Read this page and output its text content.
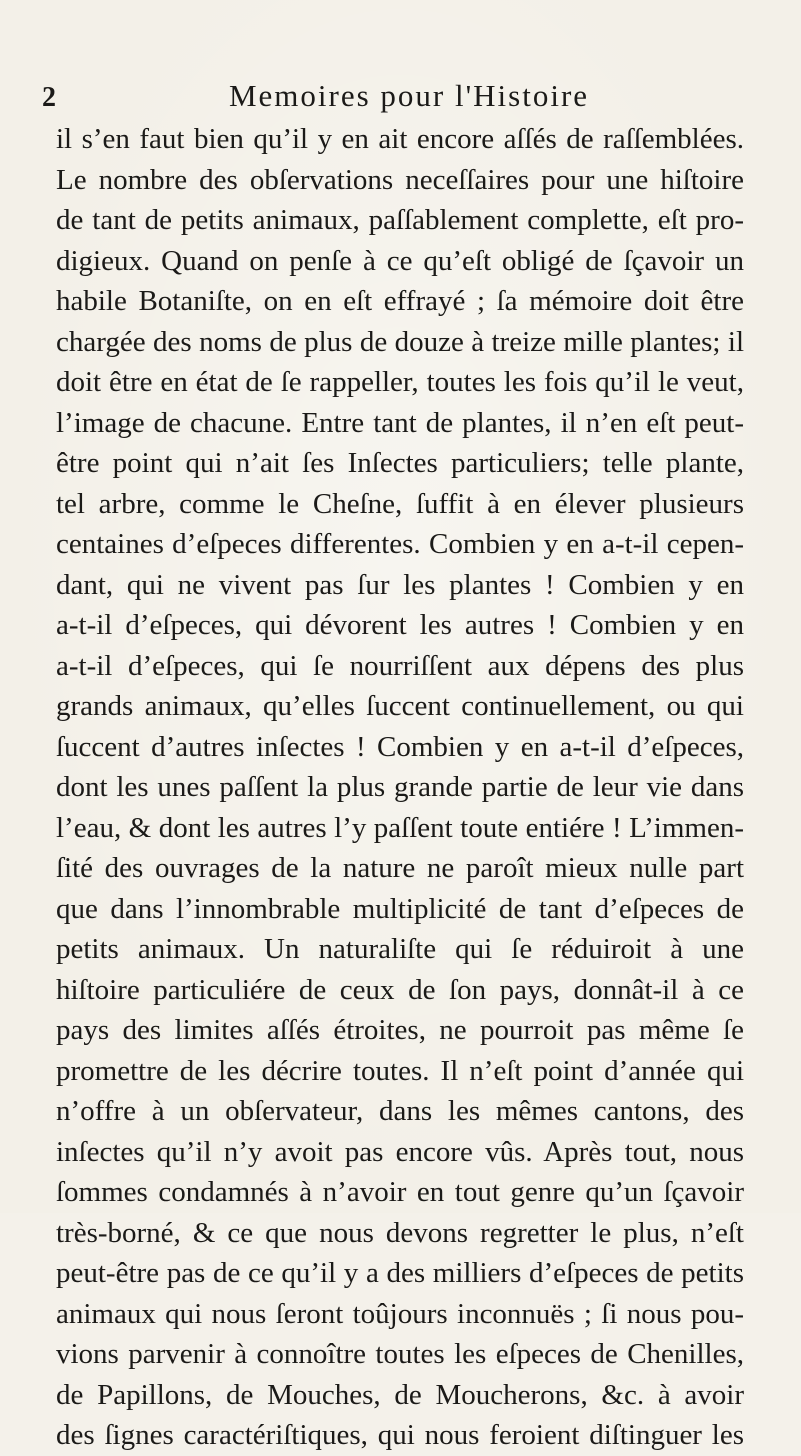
2	Memoires pour l'Histoire
il s’en faut bien qu’il y en ait encore aſſés de raſſemblées.
Le nombre des obſervations neceſſaires pour une hiſtoire
de tant de petits animaux, paſſablement complette, eſt pro-
digieux. Quand on penſe à ce qu’eſt obligé de ſçavoir un
habile Botaniſte, on en eſt effrayé ; ſa mémoire doit être
chargée des noms de plus de douze à treize mille plantes; il
doit être en état de ſe rappeller, toutes les fois qu’il le veut,
l’image de chacune. Entre tant de plantes, il n’en eſt peut-
être point qui n’ait ſes Inſectes particuliers; telle plante,
tel arbre, comme le Cheſne, ſuffit à en élever plusieurs
centaines d’eſpeces differentes. Combien y en a-t-il cepen-
dant, qui ne vivent pas ſur les plantes ! Combien y en
a-t-il d’eſpeces, qui dévorent les autres ! Combien y en
a-t-il d’eſpeces, qui ſe nourriſſent aux dépens des plus
grands animaux, qu’elles ſuccent continuellement, ou qui
ſuccent d’autres inſectes ! Combien y en a-t-il d’eſpeces,
dont les unes paſſent la plus grande partie de leur vie dans
l’eau, & dont les autres l’y paſſent toute entiére ! L’immen-
ſité des ouvrages de la nature ne paroît mieux nulle part
que dans l’innombrable multiplicité de tant d’eſpeces de
petits animaux. Un naturaliſte qui ſe réduiroit à une
hiſtoire particuliére de ceux de ſon pays, donnât-il à ce
pays des limites aſſés étroites, ne pourroit pas même ſe
promettre de les décrire toutes. Il n’eſt point d’année qui
n’offre à un obſervateur, dans les mêmes cantons, des
inſectes qu’il n’y avoit pas encore vûs. Après tout, nous
ſommes condamnés à n’avoir en tout genre qu’un ſçavoir
très-borné, & ce que nous devons regretter le plus, n’eſt
peut-être pas de ce qu’il y a des milliers d’eſpeces de petits
animaux qui nous ſeront toûjours inconnuës ; ſi nous pou-
vions parvenir à connoître toutes les eſpeces de Chenilles,
de Papillons, de Mouches, de Moucherons, &c. à avoir
des ſignes caractériſtiques, qui nous feroient diſtinguer les
